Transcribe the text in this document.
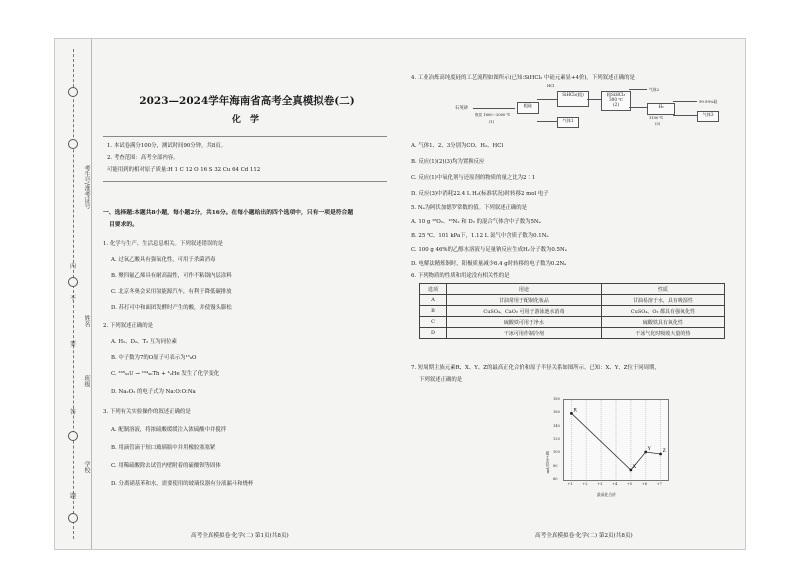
考生号/准考证号
姓名
班级
学校
内
不
要
答
题
2023—2024学年海南省高考全真模拟卷(二)
化 学
1. 本试卷满分100分，测试时间90分钟，共8页。
2. 考查范围：高考全部内容。
可能用到的相对原子质量:H 1 C 12 O 16 S 32 Cu 64 Cd 112
一、选择题:本题共8小题，每小题2分，共16分。在每小题给出的四个选项中，只有一项是符合题
目要求的。
1. 化学与生产、生活息息相关。下列叙述错误的是
A. 过氧乙酸具有强氧化性，可用于杀菌消毒
B. 聚四氟乙烯具有耐高温性，可作不粘锅内层涂料
C. 北京冬奥会采用氢能源汽车，有利于降低碳排放
D. 苏打可中和面团发酵时产生的酸，并使馒头膨松
2. 下列叙述正确的是
A. H₂、D₂、T₂ 互为同位素
B. 中子数为7的O原子可表示为¹⁵₈O
C. ²³⁸₉₂U → ²³⁴₉₀Th + ⁴₂He 发生了化学变化
D. Na₂O₂ 的电子式为 Na:O:O:Na
3. 下列有关实验操作的叙述正确的是
A. 配制溶液，将浓硫酸缓缓注入浓硫酸中并搅拌
B. 用滴管滴于短口玻璃瓶中并用橡胶塞塞紧
C. 用稀硫酸除去试管内壁附着的硫酸钡等固体
D. 分离硝基苯和水，需要使用的玻璃仪器有分液漏斗和烧杯
高考全真模拟卷·化学(二) 第1页(共8页)
4. 工业冶炼高纯度硅的工艺流程如图所示(已知:SiHCl₃ 中硅元素显+4价)。下列叙述正确的是
石英砂
焦炭 1800～2000 ℃
(1)
粗硅
气体1
SiHCl₃(粗)
HCl
粗SiHCl₃
300 ℃
(2)
气体2
H₂
1100 ℃
(3)
99.99%硅
气体3
A. 气体1、2、3分别为CO、H₂、HCl
B. 反应(1)(2)(3)均为置换反应
C. 反应(1)中氧化剂与还原剂的物质的量之比为2∶1
D. 反应(3)中消耗22.4 L H₂(标准状况)时转移2 mol 电子
5. Nₐ为阿伏加德罗常数的值。下列叙述正确的是
A. 10 g ¹⁸O₂、¹⁶N₂ 和 D₂ 的混合气体含中子数为5Nₐ
B. 25 ℃、101 kPa下，1.12 L 氮气中含质子数为0.1Nₐ
C. 100 g 46%的乙醇水溶液与足量钠反应生成H₂分子数为0.5Nₐ
D. 电解法精炼铜时，阳极质量减少6.4 g时转移的电子数为0.2Nₐ
6. 下列物质的性质和用途没有相关性的是
选项	用途	性质
A	甘油常用于配制化妆品	甘油易溶于水，具有吸湿性
B	CuSO₄、CaO₂ 可用于游泳池水消毒	CuSO₄、O₂ 都具有强氧化性
C	硫酸铁可用于净水	硫酸铁具有氧化性
D	干冰可用作制冷剂	干冰气化时吸收大量的热
7. 短周期主族元素R、X、Y、Z的最高正化合价和原子半径关系如图所示。已知：X、Y、Z位于同周期，
下列叙述正确的是
原子半径/pm
R
X
Y	Z
180
160
140
120
100
80
60
+1	+2	+3	+4	+5	+6	+7
最高化合价
高考全真模拟卷·化学(二) 第2页(共8页)
